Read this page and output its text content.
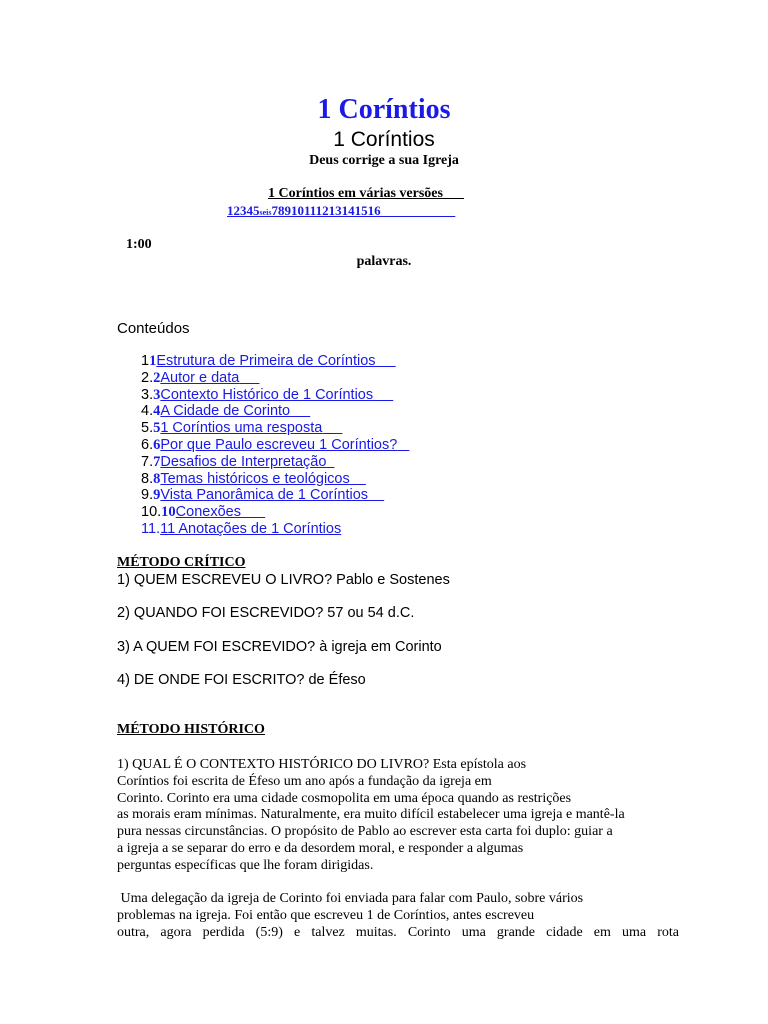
1 Coríntios
1 Coríntios
Deus corrige a sua Igreja
1 Coríntios em várias versões
12345seis78910111213141516
1:00
palavras.
Conteúdos
11Estrutura de Primeira de Coríntios
2.2Autor e data
3.3Contexto Histórico de 1 Coríntios
4.4A Cidade de Corinto
5.51 Coríntios uma resposta
6.6Por que Paulo escreveu 1 Coríntios?
7.7Desafios de Interpretação
8.8Temas históricos e teológicos
9.9Vista Panorâmica de 1 Coríntios
10.10Conexões
11.11 Anotações de 1 Coríntios
MÉTODO CRÍTICO
1) QUEM ESCREVEU O LIVRO? Pablo e Sostenes
2) QUANDO FOI ESCREVIDO? 57 ou 54 d.C.
3) A QUEM FOI ESCREVIDO? à igreja em Corinto
4) DE ONDE FOI ESCRITO? de Éfeso
MÉTODO HISTÓRICO
1) QUAL É O CONTEXTO HISTÓRICO DO LIVRO? Esta epístola aos
Coríntios foi escrita de Éfeso um ano após a fundação da igreja em
Corinto. Corinto era uma cidade cosmopolita em uma época quando as restrições
as morais eram mínimas. Naturalmente, era muito difícil estabelecer uma igreja e mantê-la
pura nessas circunstâncias. O propósito de Pablo ao escrever esta carta foi duplo: guiar a
a igreja a se separar do erro e da desordem moral, e responder a algumas
perguntas específicas que lhe foram dirigidas.
Uma delegação da igreja de Corinto foi enviada para falar com Paulo, sobre vários
problemas na igreja. Foi então que escreveu 1 de Coríntios, antes escreveu
outra, agora perdida (5:9) e talvez muitas. Corinto uma grande cidade em uma rota
